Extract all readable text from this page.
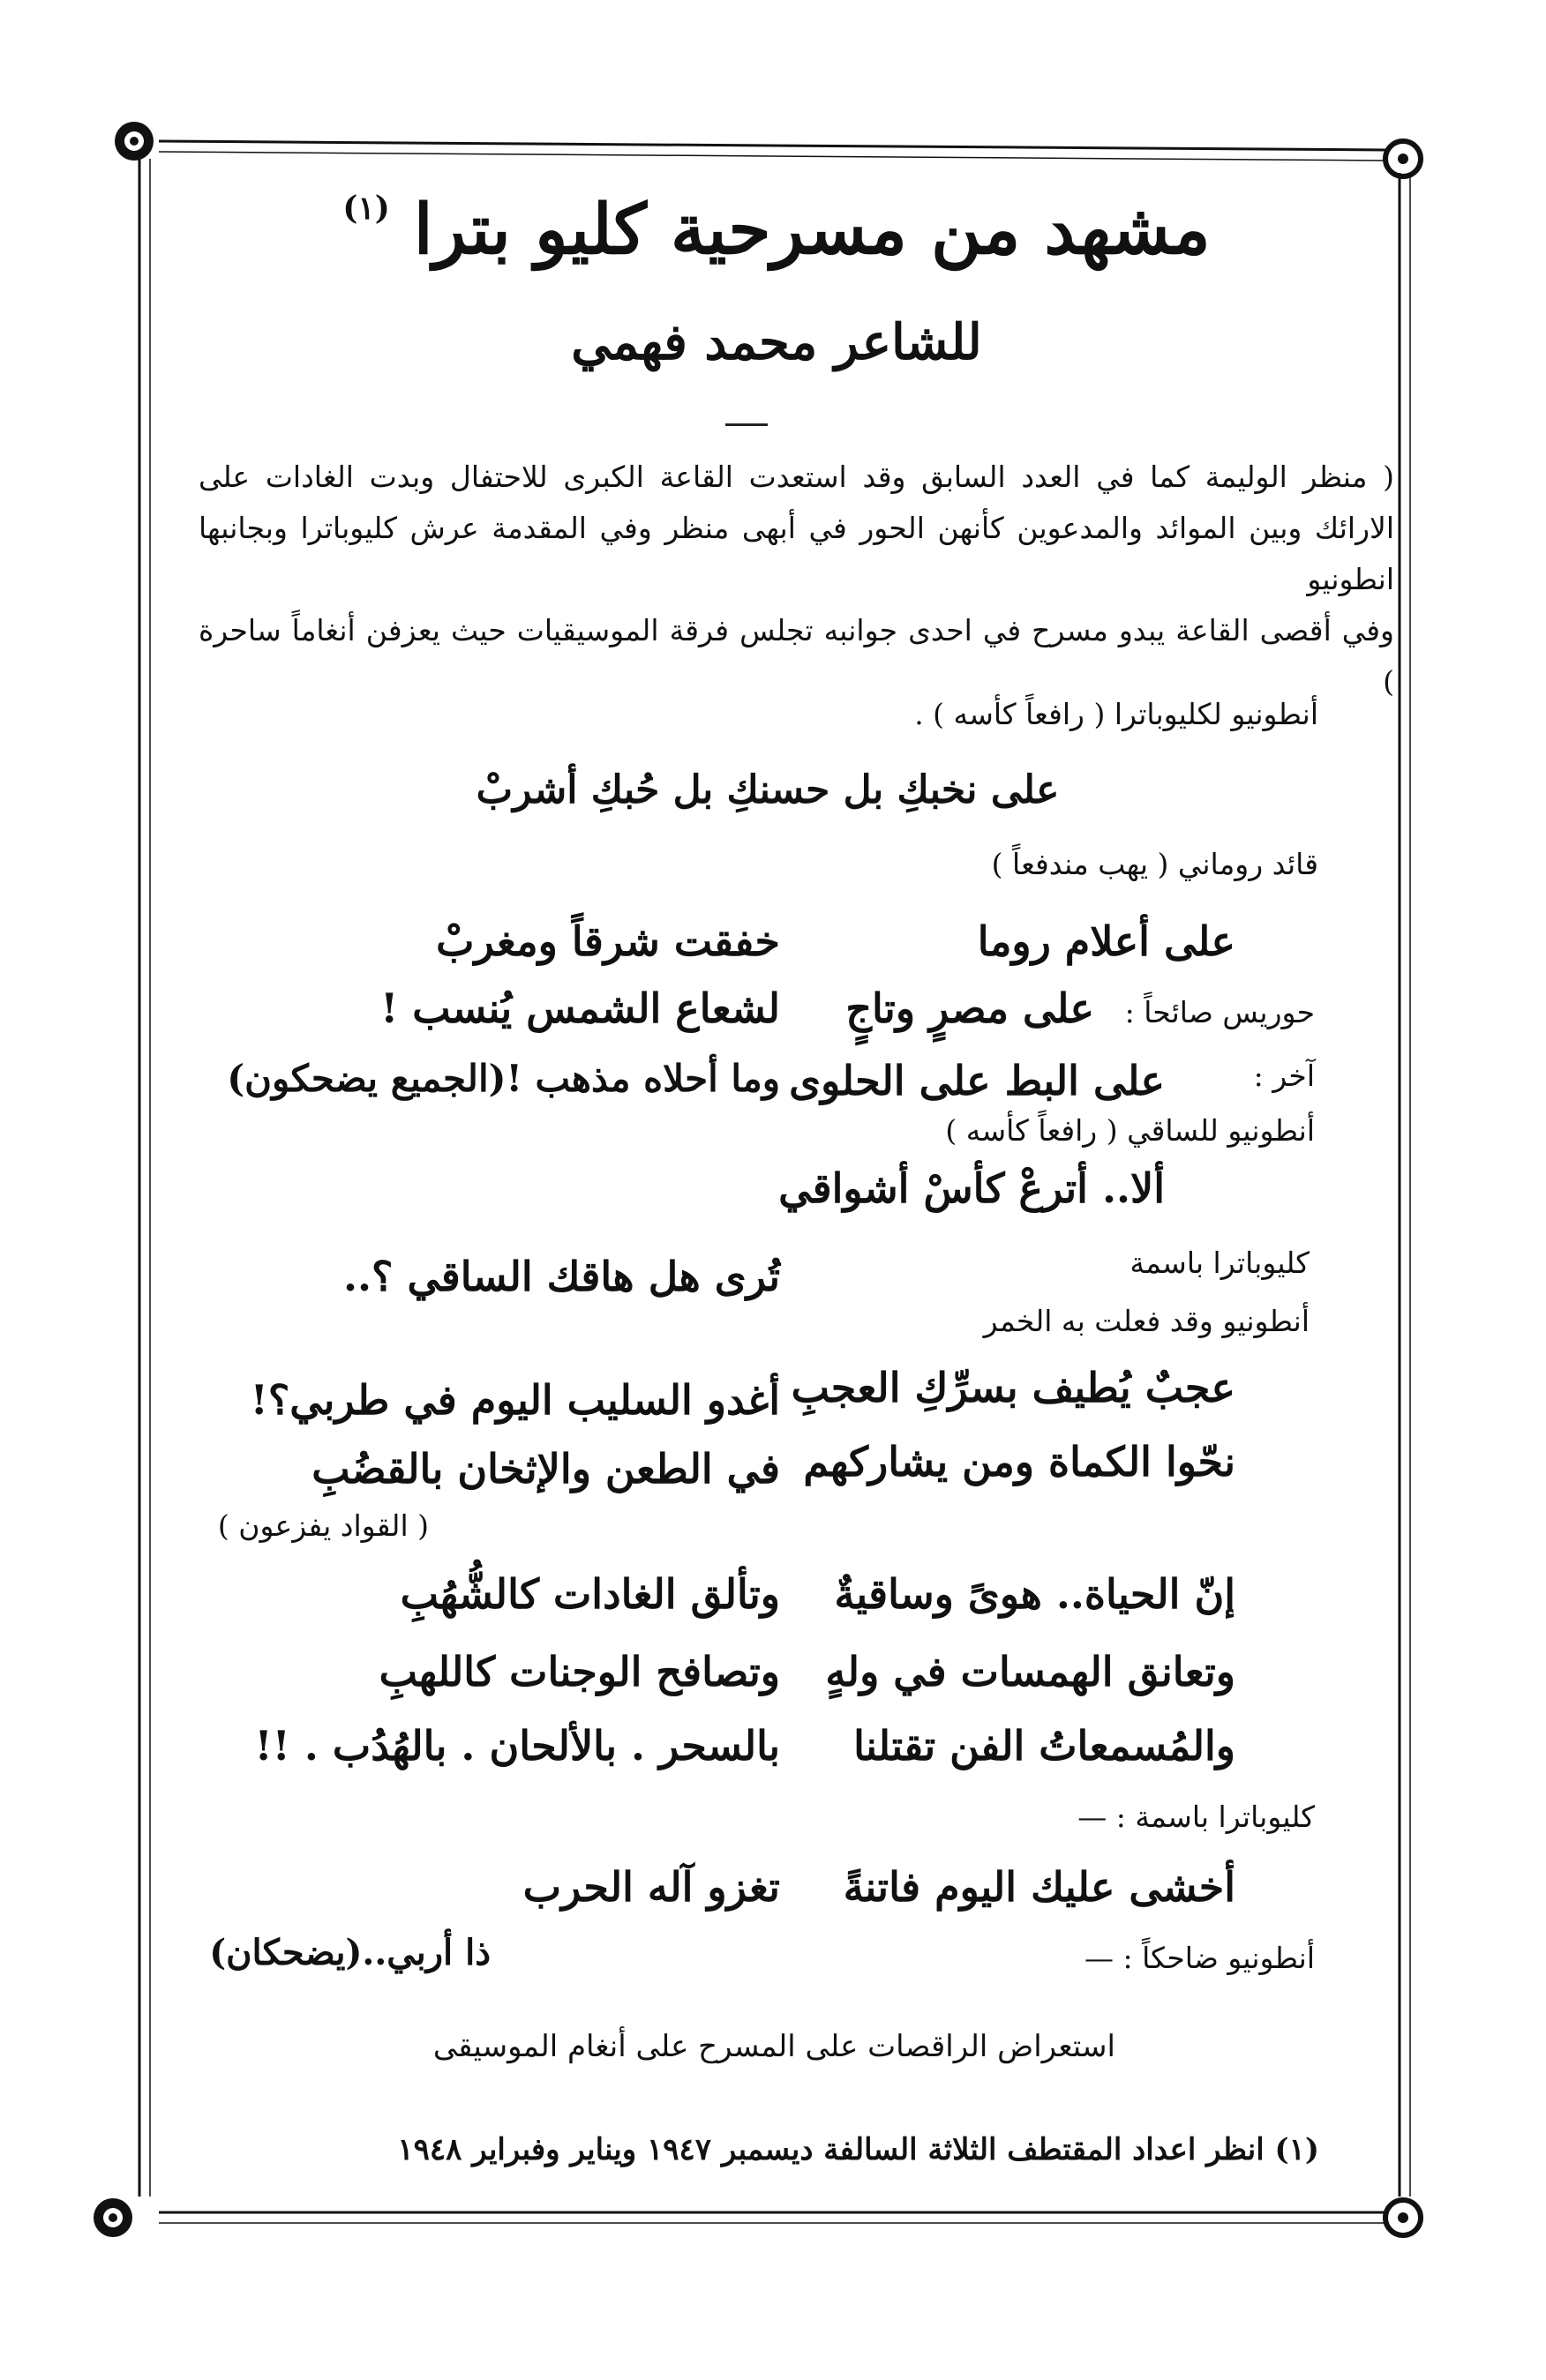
مشهد من مسرحية كليو بترا $^{(١)}$
للشاعر محمد فهمي

( منظر الوليمة كما في العدد السابق وقد استعدت القاعة الكبرى للاحتفال وبدت الغادات على

الارائك وبين الموائد والمدعوين كأنهن الحور في أبهى منظر وفي المقدمة عرش كليوباترا وبجانبها انطونيو

وفي أقصى القاعة يبدو مسرح في احدى جوانبه تجلس فرقة الموسيقيات حيث يعزفن أنغاماً ساحرة )

أنطونيو لكليوباترا ( رافعاً كأسه ) .
على نخبكِ بل حسنكِ بل حُبكِ أشربْ
قائد روماني ( يهب مندفعاً )
على أعلام روما
خفقت شرقاً ومغربْ
حوريس صائحاً :
على مصرٍ وتاجٍ
لشعاع الشمس يُنسب !
آخر :
على البط على الحلوى
وما أحلاه مذهب !(الجميع يضحكون)
أنطونيو للساقي ( رافعاً كأسه )
ألا.. أترعْ كأسْ أشواقي
كليوباترا باسمة
تُرى هل هاقك الساقي ؟..
أنطونيو وقد فعلت به الخمر
عجبٌ يُطيف بسرِّكِ العجبِ
أغدو السليب اليوم في طربي؟!
نحّوا الكماة ومن يشاركهم
في الطعن والإثخان بالقضُبِ
( القواد يفزعون )
إنّ الحياة.. هوىً وساقيةٌ
وتألق الغادات كالشُّهُبِ
وتعانق الهمسات في ولهٍ
وتصافح الوجنات كاللهبِ
والمُسمعاتُ الفن تقتلنا
بالسحر . بالألحان . بالهُدُب . !!
كليوباترا باسمة : —
أخشى عليك اليوم فاتنةً
تغزو آله الحرب
أنطونيو ضاحكاً : —
ذا أربي..(يضحكان)
استعراض الراقصات على المسرح على أنغام الموسيقى
(١) انظر اعداد المقتطف الثلاثة السالفة ديسمبر ١٩٤٧ ويناير وفبراير ١٩٤٨
